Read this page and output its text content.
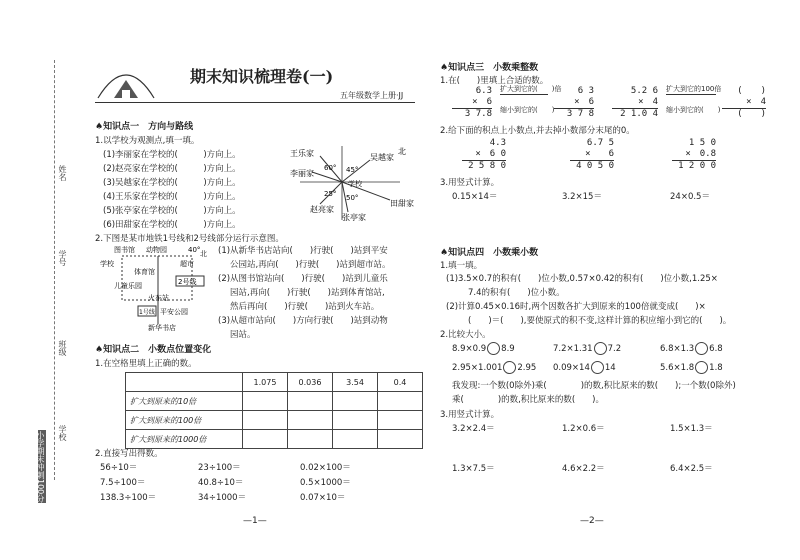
姓名
学号
班级
学校
小学期末冲刺100分
期末知识梳理卷(一)
五年级数学上册·JJ
♠知识点一　方向与路线
1.以学校为观测点,填一填。
(1)李丽家在学校的(　　　)方向上。
(2)赵亮家在学校的(　　　)方向上。
(3)吴越家在学校的(　　　)方向上。
(4)王乐家在学校的(　　　)方向上。
(5)张亭家在学校的(　　　)方向上。
(6)田甜家在学校的(　　　)方向上。
王乐家	吴越家
北
李丽家
学校
赵亮家
张亭家
田甜家
60° 45°
25° 50°
2.下图是某市地铁1号线和2号线部分运行示意图。
图书馆 动物园	40° 北
超市
学校
体育馆
2号线
儿童乐园
火车站
1号线 平安公园
新华书店
(1)从新华书店站向(　　)行驶(　　)站到平安
公园站,再向(　　)行驶(　　)站到超市站。
(2)从图书馆站向(　　)行驶(　　)站到儿童乐
园站,再向(　　)行驶(　　)站到体育馆站,
然后再向(　　)行驶(　　)站到火车站。
(3)从超市站向(　　)方向行驶(　　)站到动物
园站。
♠知识点二　小数点位置变化
1.在空格里填上正确的数。
	1.075	0.036	3.54	0.4
扩大到原来的10倍				
扩大到原来的100倍				
扩大到原来的1000倍				
2.直接写出得数。
56÷10＝	23÷100＝	0.02×100＝
7.5÷100＝	40.8÷10＝	0.5×1000＝
138.3÷100＝	34÷1000＝	0.07×10＝
—1—
♠知识点三　小数乘整数
1.在(　　)里填上合适的数。
6.3
×　6
3 7.8
扩大到它的(　　)倍
缩小到它的(　　)
6 3
×　6
3 7 8
5.2 6
×　4
2 1.0 4
扩大到它的100倍
缩小到它的(　　)
(　　)
×　4
(　　)
2.给下面的积点上小数点,并去掉小数部分末尾的0。
4.3
×　6 0
2 5 8 0
6.7 5
×　　6
4 0 5 0
1 5 0
×　0.8
1 2 0 0
3.用竖式计算。
0.15×14＝	3.2×15＝	24×0.5＝
♠知识点四　小数乘小数
1.填一填。
(1)3.5×0.7的积有(　　)位小数,0.57×0.42的积有(　　)位小数,1.25×
7.4的积有(　　)位小数。
(2)计算0.45×0.16时,两个因数各扩大到原来的100倍就变成(　　)×
(　　)＝(　　),要使原式的积不变,这样计算的积应缩小到它的(　　)。
2.比较大小。
8.9×0.9 8.9	7.2×1.31 7.2	6.8×1.3 6.8
2.95×1.001 2.95 0.09×14 14	5.6×1.8 1.8
我发现:一个数(0除外)乘(　　　　)的数,积比原来的数(　　);一个数(0除外)
乘(　　　　)的数,积比原来的数(　　)。
3.用竖式计算。
3.2×2.4＝	1.2×0.6＝	1.5×1.3＝
1.3×7.5＝	4.6×2.2＝	6.4×2.5＝
—2—
